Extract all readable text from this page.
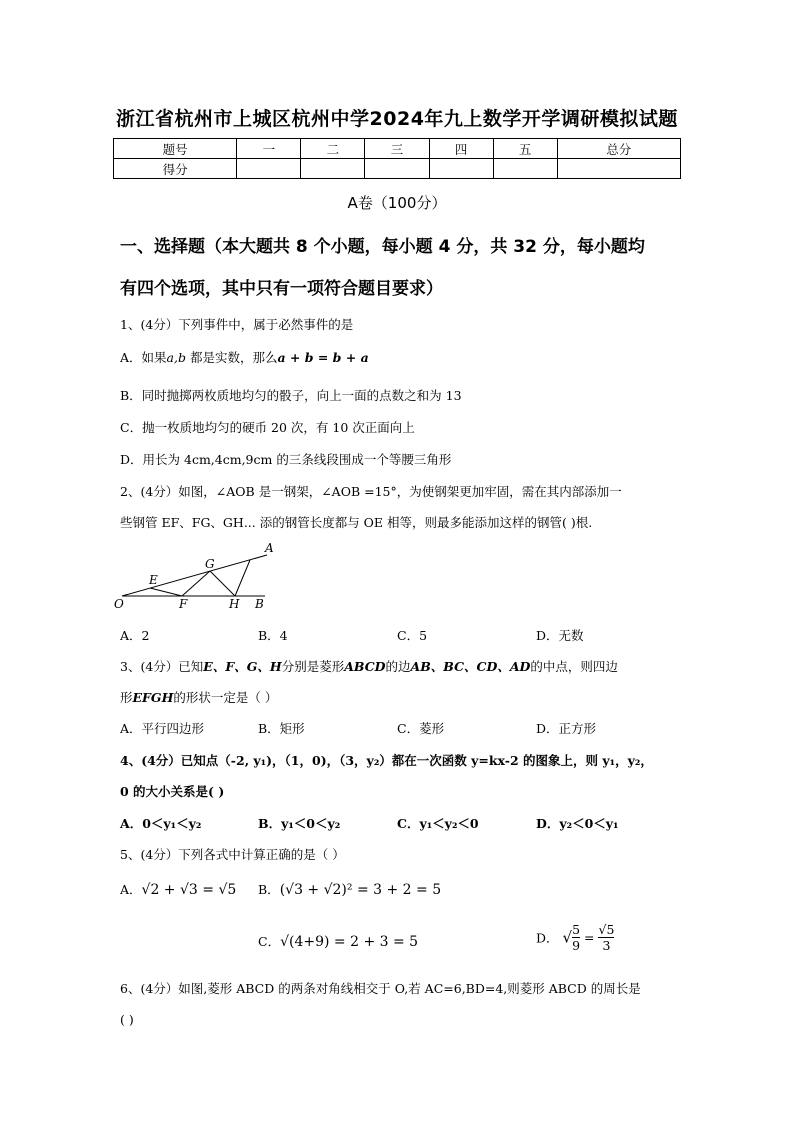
浙江省杭州市上城区杭州中学2024年九上数学开学调研模拟试题
题号	一	二	三	四	五	总分
得分						
A卷（100分）
一、选择题（本大题共 8 个小题，每小题 4 分，共 32 分，每小题均
有四个选项，其中只有一项符合题目要求）
1、(4分）下列事件中，属于必然事件的是
A．如果a,b 都是实数，那么a + b = b + a
B．同时抛掷两枚质地均匀的骰子，向上一面的点数之和为 13
C．抛一枚质地均匀的硬币 20 次，有 10 次正面向上
D．用长为 4cm,4cm,9cm 的三条线段围成一个等腰三角形
2、(4分）如图，∠AOB 是一钢架，∠AOB =15°，为使钢架更加牢固，需在其内部添加一
些钢管 EF、FG、GH... 添的钢管长度都与 OE 相等，则最多能添加这样的钢管( )根.
O
E
F
G
H
A
B
A．2	B．4	C．5	D．无数
3、(4分）已知E、F、G、H分别是菱形ABCD的边AB、BC、CD、AD的中点，则四边
形EFGH的形状一定是（ ）
A．平行四边形	B．矩形	C．菱形	D．正方形
4、(4分）已知点（-2, y₁)，（1，0)，（3，y₂）都在一次函数 y=kx-2 的图象上，则 y₁，y₂，
0 的大小关系是( )
A．0＜y₁＜y₂	B．y₁＜0＜y₂	C．y₁＜y₂＜0	D．y₂＜0＜y₁
5、(4分）下列各式中计算正确的是（ ）
A．√2 + √3 = √5 B．(√3 + √2)² = 3 + 2 = 5
C．√(4+9) = 2 + 3 = 5	D． √ $\frac{5}{9} = \frac{√5}{3}$
6、(4分）如图,菱形 ABCD 的两条对角线相交于 O,若 AC=6,BD=4,则菱形 ABCD 的周长是
( )
